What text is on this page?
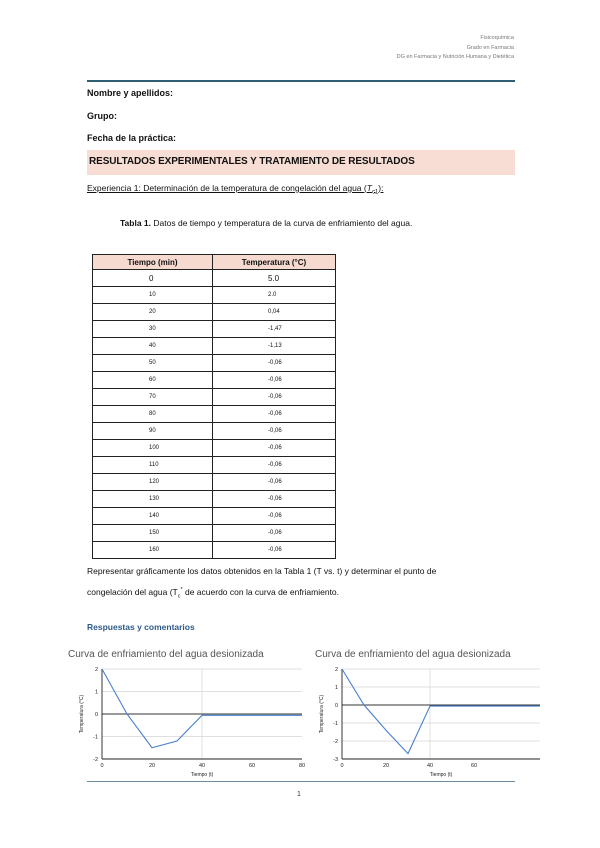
Fisicoquímica
Grado en Farmacia
DG en Farmacia y Nutrición Humana y Dietética
Nombre y apellidos:
Grupo:
Fecha de la práctica:
RESULTADOS EXPERIMENTALES Y TRATAMIENTO DE RESULTADOS
Experiencia 1: Determinación de la temperatura de congelación del agua $(T_{c1})$:
Tabla 1. Datos de tiempo y temperatura de la curva de enfriamiento del agua.
Tiempo (min)	Temperatura (°C)
0	5.0
10	2.0
20	0,04
30	-1,47
40	-1,13
50	-0,06
60	-0,06
70	-0,06
80	-0,06
90	-0,06
100	-0,06
110	-0,06
120	-0,06
130	-0,06
140	-0,06
150	-0,06
160	-0,06
Representar gráficamente los datos obtenidos en la Tabla 1 (T vs. t) y determinar el punto de
congelación del agua ($T_c^*$ de acuerdo con la curva de enfriamiento.
Respuestas y comentarios
Curva de enfriamiento del agua desionizada	Curva de enfriamiento del agua desionizada
2
1
0
-1
-2
0	20	40	60	80
Tiempo (t)
Temperatura (°C)
2
1
0
-1
-2
-3
0	20	40	60
Tiempo (t)
Temperatura (°C)
1
